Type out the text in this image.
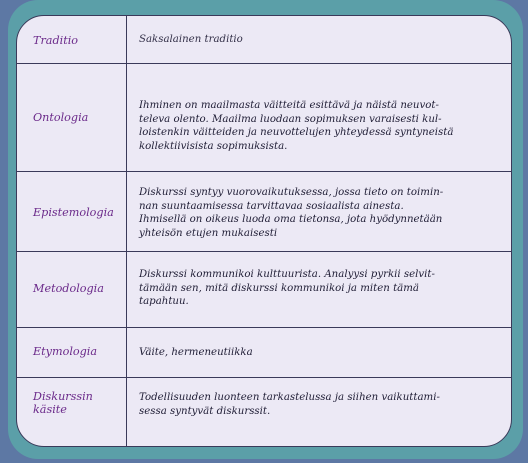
Traditio	Saksalainen traditio
Ontologia
Ihminen on maailmasta väitteitä esittävä ja näistä neuvot-
televa olento. Maailma luodaan sopimuksen varaisesti kul-
loistenkin väitteiden ja neuvottelujen yhteydessä syntyneistä
kollektiivisista sopimuksista.
Epistemologia
Diskurssi syntyy vuorovaikutuksessa, jossa tieto on toimin-
nan suuntaamisessa tarvittavaa sosiaalista ainesta.
Ihmisellä on oikeus luoda oma tietonsa, jota hyödynnetään
yhteisön etujen mukaisesti
Metodologia
Diskurssi kommunikoi kulttuurista. Analyysi pyrkii selvit-
tämään sen, mitä diskurssi kommunikoi ja miten tämä
tapahtuu.
Etymologia	Väite, hermeneutiikka
Diskurssin
käsite
Todellisuuden luonteen tarkastelussa ja siihen vaikuttami-
sessa syntyvät diskurssit.
